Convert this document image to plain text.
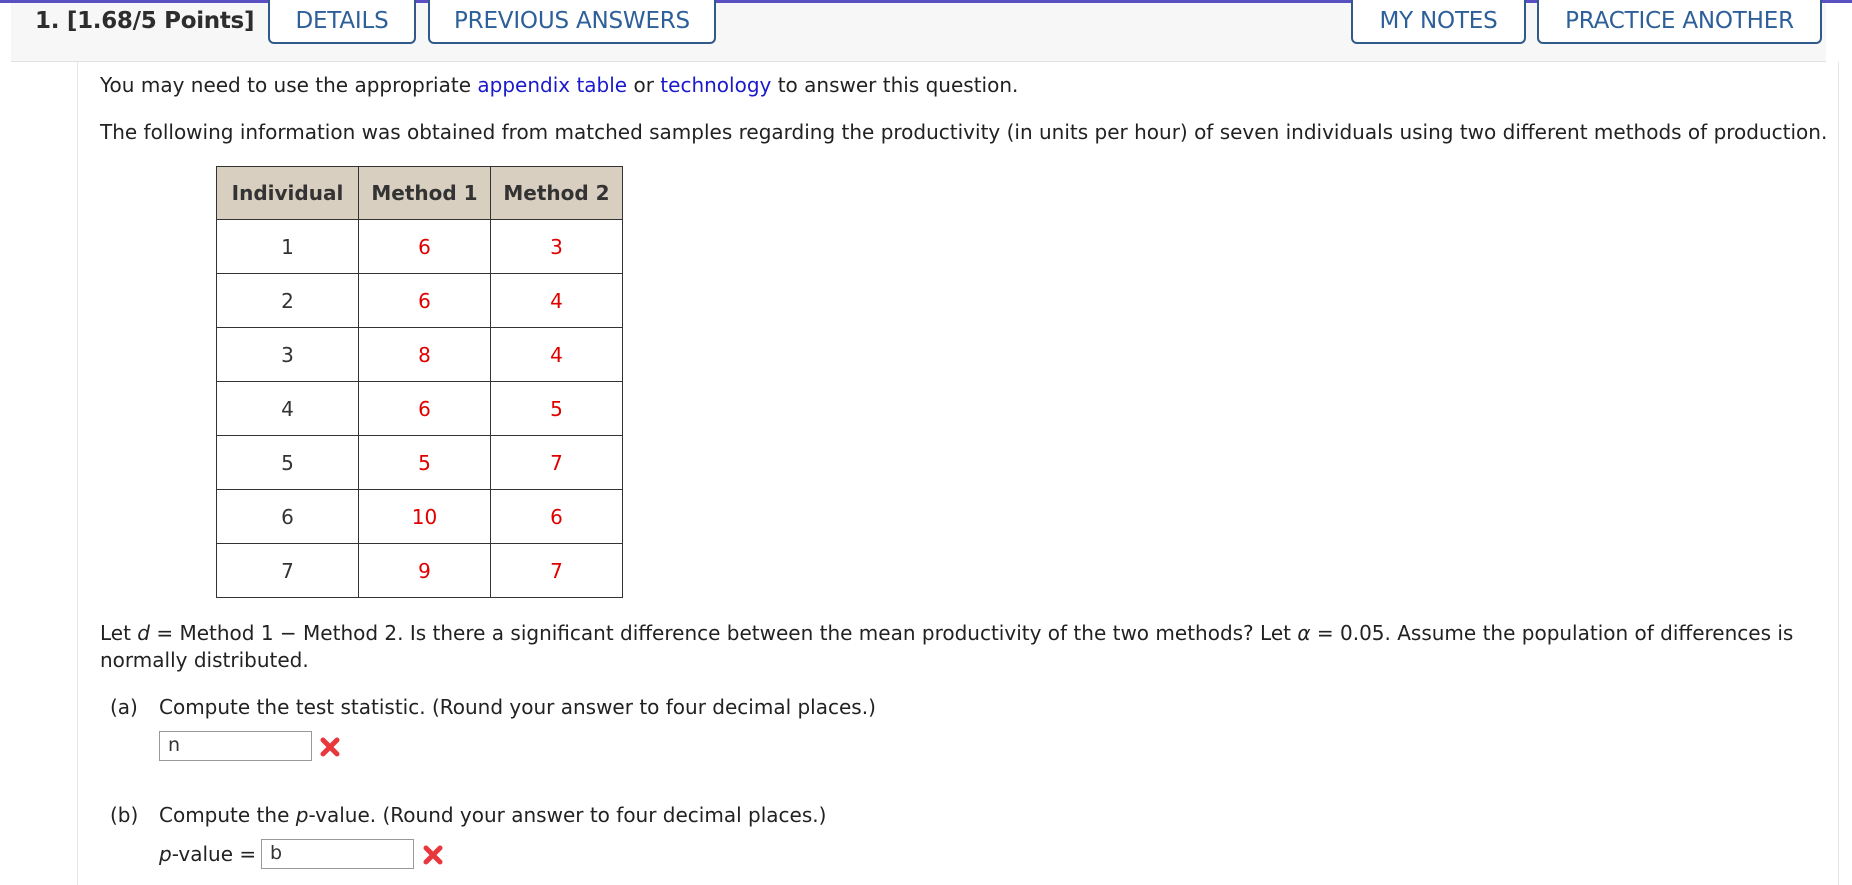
1. [1.68/5 Points]	DETAILS	PREVIOUS ANSWERS	MY NOTES	PRACTICE ANOTHER

You may need to use the appropriate appendix table or technology to answer this question.

The following information was obtained from matched samples regarding the productivity (in units per hour) of seven individuals using two different methods of production.

Individual	Method 1	Method 2
1	6	3
2	6	4
3	8	4
4	6	5
5	5	7
6	10	6
7	9	7

Let d = Method 1 − Method 2. Is there a significant difference between the mean productivity of the two methods? Let α = 0.05. Assume the population of differences is

normally distributed.

(a) Compute the test statistic. (Round your answer to four decimal places.)

n

(b) Compute the p-value. (Round your answer to four decimal places.)

p-value = b
